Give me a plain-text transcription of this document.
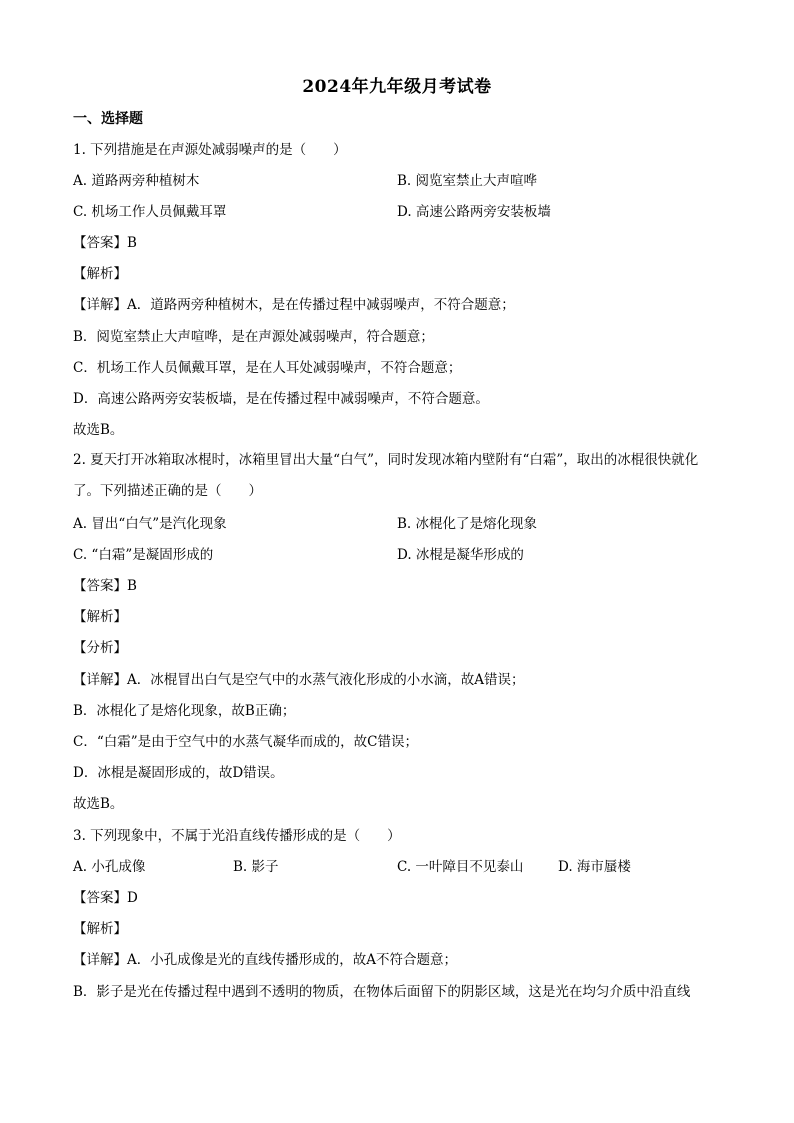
2024年九年级月考试卷
一、选择题
1. 下列措施是在声源处减弱噪声的是（　　）
A. 道路两旁种植树木	B. 阅览室禁止大声喧哗
C. 机场工作人员佩戴耳罩	D. 高速公路两旁安装板墙
【答案】B
【解析】
【详解】A．道路两旁种植树木，是在传播过程中减弱噪声，不符合题意；
B．阅览室禁止大声喧哗，是在声源处减弱噪声，符合题意；
C．机场工作人员佩戴耳罩，是在人耳处减弱噪声，不符合题意；
D．高速公路两旁安装板墙，是在传播过程中减弱噪声，不符合题意。
故选B。
2. 夏天打开冰箱取冰棍时，冰箱里冒出大量“白气”，同时发现冰箱内壁附有“白霜”，取出的冰棍很快就化了。下列描述正确的是（　　）
A. 冒出“白气”是汽化现象	B. 冰棍化了是熔化现象
C. “白霜”是凝固形成的	D. 冰棍是凝华形成的
【答案】B
【解析】
【分析】
【详解】A．冰棍冒出白气是空气中的水蒸气液化形成的小水滴，故A错误；
B．冰棍化了是熔化现象，故B正确；
C．“白霜”是由于空气中的水蒸气凝华而成的，故C错误；
D．冰棍是凝固形成的，故D错误。
故选B。
3. 下列现象中，不属于光沿直线传播形成的是（　　）
A. 小孔成像	B. 影子	C. 一叶障目不见泰山	D. 海市蜃楼
【答案】D
【解析】
【详解】A．小孔成像是光的直线传播形成的，故A不符合题意；
B．影子是光在传播过程中遇到不透明的物质，在物体后面留下的阴影区域，这是光在均匀介质中沿直线
